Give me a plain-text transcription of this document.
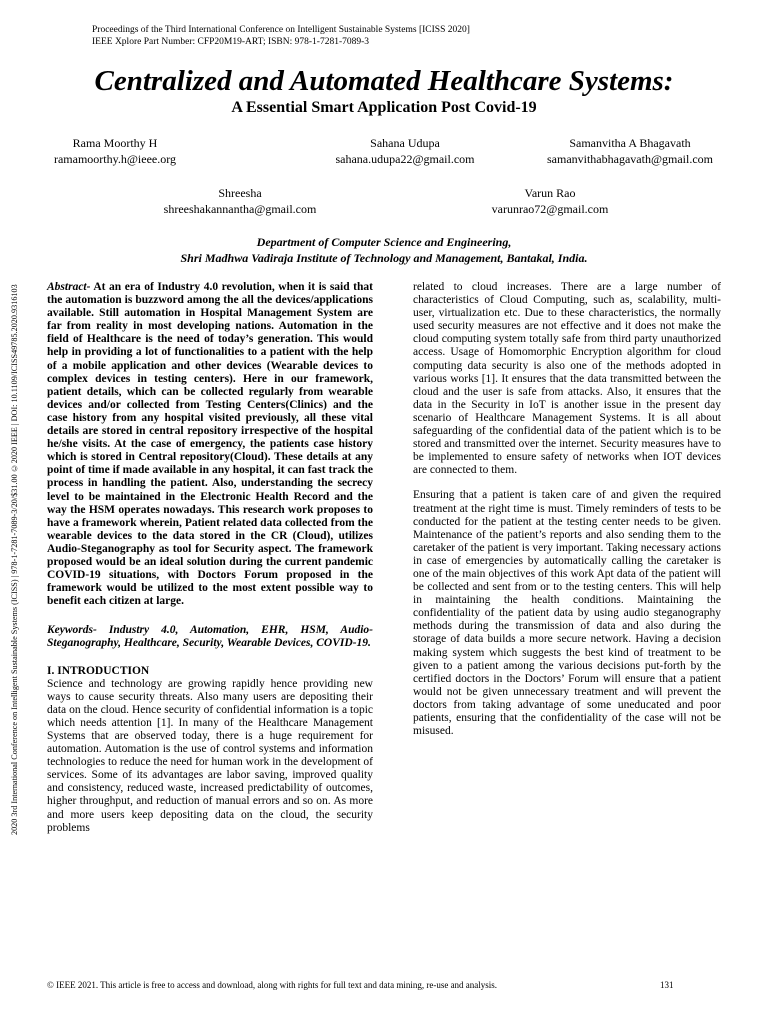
Proceedings of the Third International Conference on Intelligent Sustainable Systems [ICISS 2020]
IEEE Xplore Part Number: CFP20M19-ART; ISBN: 978-1-7281-7089-3
2020 3rd International Conference on Intelligent Sustainable Systems (ICISS) | 978-1-7281-7089-3/20/$31.00 ©2020 IEEE | DOI: 10.1109/ICISS49785.2020.9316103
Centralized and Automated Healthcare Systems:
A Essential Smart Application Post Covid-19
Rama Moorthy H
ramamoorthy.h@ieee.org
Sahana Udupa
sahana.udupa22@gmail.com
Samanvitha A Bhagavath
samanvithabhagavath@gmail.com
Shreesha
shreeshakannantha@gmail.com
Varun Rao
varunrao72@gmail.com
Department of Computer Science and Engineering,
Shri Madhwa Vadiraja Institute of Technology and Management, Bantakal, India.

Abstract- At an era of Industry 4.0 revolution, when it is said that the automation is buzzword among the all the devices/applications available. Still automation in Hospital Management System are far from reality in most developing nations. Automation in the field of Healthcare is the need of today’s generation. This would help in providing a lot of functionalities to a patient with the help of a mobile application and other devices (Wearable devices to complex devices in testing centers). Here in our framework, patient details, which can be collected regularly from wearable devices and/or collected from Testing Centers(Clinics) and the case history from any hospital visited previously, all these vital details are stored in central repository irrespective of the hospital he/she visits. At the case of emergency, the patients case history which is stored in Central repository(Cloud). These details at any point of time if made available in any hospital, it can fast track the process in handling the patient. Also, understanding the secrecy level to be maintained in the Electronic Health Record and the way the HSM operates nowadays. This research work proposes to have a framework wherein, Patient related data collected from the wearable devices to the data stored in the CR (Cloud), utilizes Audio-Steganography as tool for Security aspect. The framework proposed would be an ideal solution during the current pandemic COVID-19 situations, with Doctors Forum proposed in the framework would be utilized to the most extent possible way to benefit each citizen at large.

Keywords- Industry 4.0, Automation, EHR, HSM, Audio-Steganography, Healthcare, Security, Wearable Devices, COVID-19.

I. INTRODUCTION

Science and technology are growing rapidly hence providing new ways to cause security threats. Also many users are depositing their data on the cloud. Hence security of confidential information is a topic which needs attention [1]. In many of the Healthcare Management Systems that are observed today, there is a huge requirement for automation. Automation is the use of control systems and information technologies to reduce the need for human work in the development of services. Some of its advantages are labor saving, improved quality and consistency, reduced waste, increased predictability of outcomes, higher throughput, and reduction of manual errors and so on. As more and more users keep depositing data on the cloud, the security problems

related to cloud increases. There are a large number of characteristics of Cloud Computing, such as, scalability, multi-user, virtualization etc. Due to these characteristics, the normally used security measures are not effective and it does not make the cloud computing system totally safe from third party unauthorized access. Usage of Homomorphic Encryption algorithm for cloud computing data security is also one of the methods adopted in various works [1]. It ensures that the data transmitted between the cloud and the user is safe from attacks. Also, it ensures that the data in the Security in IoT is another issue in the present day scenario of Healthcare Management Systems. It is all about safeguarding of the confidential data of the patient which is to be stored and transmitted over the internet. Security measures have to be implemented to ensure safety of networks when IOT devices are connected to them.

Ensuring that a patient is taken care of and given the required treatment at the right time is must. Timely reminders of tests to be conducted for the patient at the testing center needs to be given. Maintenance of the patient’s reports and also sending them to the caretaker of the patient is very important. Taking necessary actions in case of emergencies by automatically calling the caretaker is one of the main objectives of this work Apt data of the patient will be collected and sent from or to the testing centers. This will help in maintaining the health conditions. Maintaining the confidentiality of the patient data by using audio steganography methods during the transmission of data and also during the storage of data builds a more secure network. Having a decision making system which suggests the best kind of treatment to be given to a patient among the various decisions put-forth by the certified doctors in the Doctors’ Forum will ensure that a patient would not be given unnecessary treatment and will prevent the doctors from taking advantage of some uneducated and poor patients, ensuring that the confidentiality of the case will not be misused.

© IEEE 2021. This article is free to access and download, along with rights for full text and data mining, re-use and analysis.	131
